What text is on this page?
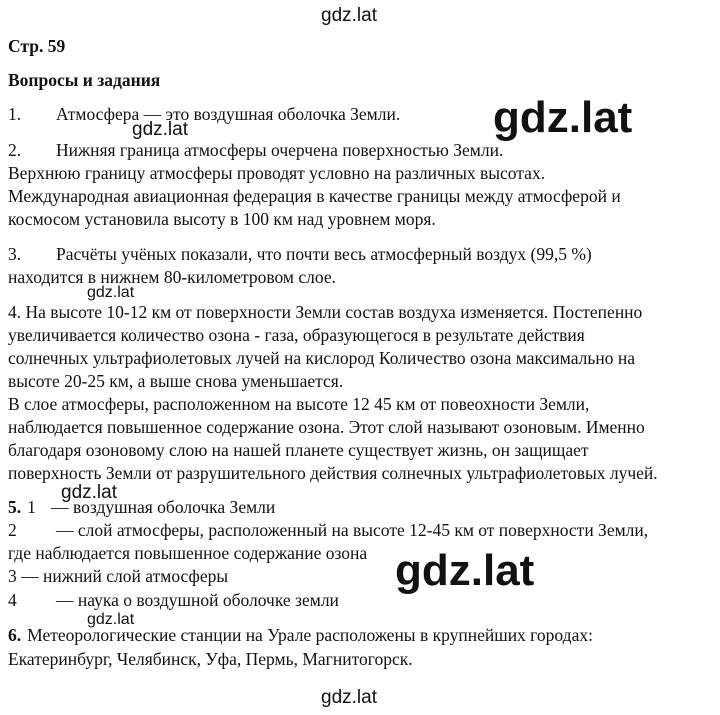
Стр. 59

Вопросы и задания

1. Атмосфера — это воздушная оболочка Земли.

2. Нижняя граница атмосферы очерчена поверхностью Земли.

Верхнюю границу атмосферы проводят условно на различных высотах.

Международная авиационная федерация в качестве границы между атмосферой и

космосом установила высоту в 100 км над уровнем моря.

3. Расчёты учёных показали, что почти весь атмосферный воздух (99,5 %)

находится в нижнем 80-километровом слое.

4. На высоте 10-12 км от поверхности Земли состав воздуха изменяется. Постепенно

увеличивается количество озона - газа, образующегося в результате действия

солнечных ультрафиолетовых лучей на кислород Количество озона максимально на

высоте 20-25 км, а выше снова уменьшается.

В слое атмосферы, расположенном на высоте 12 45 км от повеохности Земли,

наблюдается повышенное содержание озона. Этот слой называют озоновым. Именно

благодаря озоновому слою на нашей планете существует жизнь, он защищает

поверхность Земли от разрушительного действия солнечных ультрафиолетовых лучей.

5. 1 — воздушная оболочка Земли

2 — слой атмосферы, расположенный на высоте 12-45 км от поверхности Земли,

где наблюдается повышенное содержание озона

3 — нижний слой атмосферы

4 — наука о воздушной оболочке земли

6. Метеорологические станции на Урале расположены в крупнейших городах:

Екатеринбург, Челябинск, Уфа, Пермь, Магнитогорск.

gdz.lat
gdz.lat
gdz.lat
gdz.lat
gdz.lat
gdz.lat
gdz.lat
gdz.lat
